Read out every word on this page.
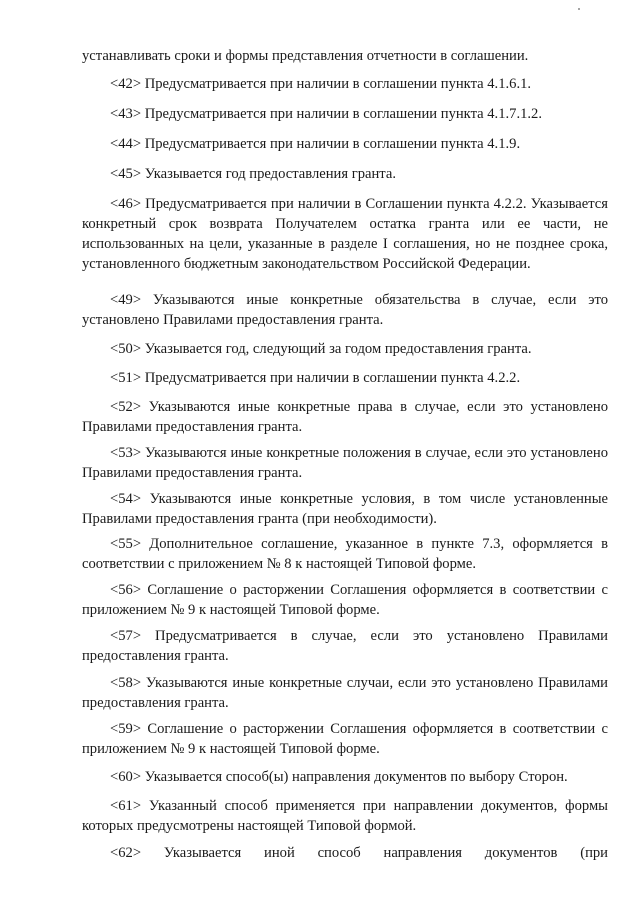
устанавливать сроки и формы представления отчетности в соглашении.

<42> Предусматривается при наличии в соглашении пункта 4.1.6.1.

<43> Предусматривается при наличии в соглашении пункта 4.1.7.1.2.

<44> Предусматривается при наличии в соглашении пункта 4.1.9.

<45> Указывается год предоставления гранта.

<46> Предусматривается при наличии в Соглашении пункта 4.2.2. Указывается конкретный срок возврата Получателем остатка гранта или ее части, не использованных на цели, указанные в разделе I соглашения, но не позднее срока, установленного бюджетным законодательством Российской Федерации.

<49> Указываются иные конкретные обязательства в случае, если это установлено Правилами предоставления гранта.

<50> Указывается год, следующий за годом предоставления гранта.

<51> Предусматривается при наличии в соглашении пункта 4.2.2.

<52> Указываются иные конкретные права в случае, если это установлено Правилами предоставления гранта.

<53> Указываются иные конкретные положения в случае, если это установлено Правилами предоставления гранта.

<54> Указываются иные конкретные условия, в том числе установленные Правилами предоставления гранта (при необходимости).

<55> Дополнительное соглашение, указанное в пункте 7.3, оформляется в соответствии с приложением № 8 к настоящей Типовой форме.

<56> Соглашение о расторжении Соглашения оформляется в соответствии с приложением № 9 к настоящей Типовой форме.

<57> Предусматривается в случае, если это установлено Правилами предоставления гранта.

<58> Указываются иные конкретные случаи, если это установлено Правилами предоставления гранта.

<59> Соглашение о расторжении Соглашения оформляется в соответствии с приложением № 9 к настоящей Типовой форме.

<60> Указывается способ(ы) направления документов по выбору Сторон.

<61> Указанный способ применяется при направлении документов, формы которых предусмотрены настоящей Типовой формой.

<62> Указывается иной способ направления документов (при
